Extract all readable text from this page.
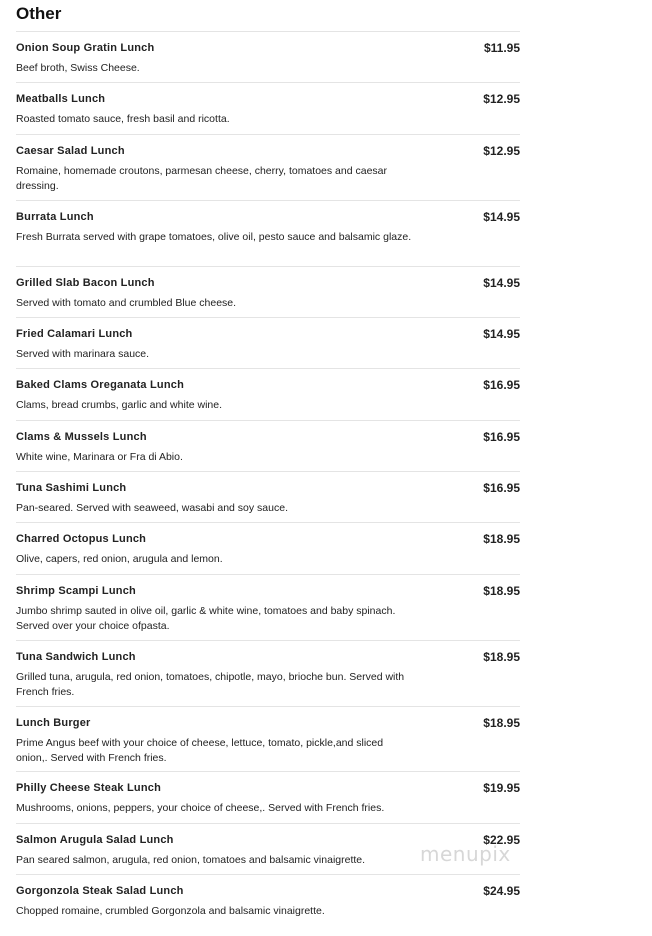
Other
Onion Soup Gratin Lunch	$11.95
Beef broth, Swiss Cheese.
Meatballs Lunch	$12.95
Roasted tomato sauce, fresh basil and ricotta.
Caesar Salad Lunch	$12.95
Romaine, homemade croutons, parmesan cheese, cherry, tomatoes and caesar dressing.
Burrata Lunch	$14.95
Fresh Burrata served with grape tomatoes, olive oil, pesto sauce and balsamic glaze.
Grilled Slab Bacon Lunch	$14.95
Served with tomato and crumbled Blue cheese.
Fried Calamari Lunch	$14.95
Served with marinara sauce.
Baked Clams Oreganata Lunch	$16.95
Clams, bread crumbs, garlic and white wine.
Clams & Mussels Lunch	$16.95
White wine, Marinara or Fra di Abio.
Tuna Sashimi Lunch	$16.95
Pan-seared. Served with seaweed, wasabi and soy sauce.
Charred Octopus Lunch	$18.95
Olive, capers, red onion, arugula and lemon.
Shrimp Scampi Lunch	$18.95
Jumbo shrimp sauted in olive oil, garlic & white wine, tomatoes and baby spinach. Served over your choice ofpasta.
Tuna Sandwich Lunch	$18.95
Grilled tuna, arugula, red onion, tomatoes, chipotle, mayo, brioche bun. Served with French fries.
Lunch Burger	$18.95
Prime Angus beef with your choice of cheese, lettuce, tomato, pickle,and sliced onion,. Served with French fries.
Philly Cheese Steak Lunch	$19.95
Mushrooms, onions, peppers, your choice of cheese,. Served with French fries.
Salmon Arugula Salad Lunch	$22.95
Pan seared salmon, arugula, red onion, tomatoes and balsamic vinaigrette.
Gorgonzola Steak Salad Lunch	$24.95
Chopped romaine, crumbled Gorgonzola and balsamic vinaigrette.
menupix
